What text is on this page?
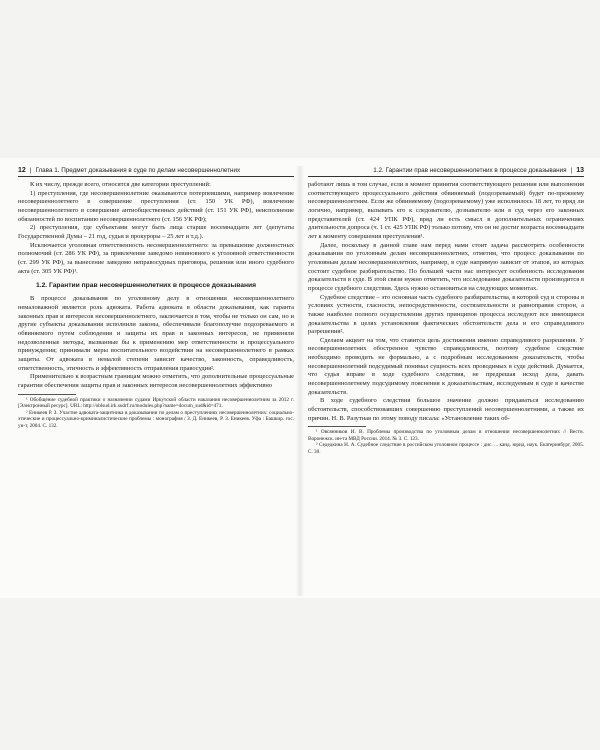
12 | Глава 1. Предмет доказывания в суде по делам несовершеннолетних

К их числу, прежде всего, относятся две категории преступлений:

1) преступления, где несовершеннолетние оказываются потерпевшими, например вовлечение несовершеннолетнего в совершение преступления (ст. 150 УК РФ), вовлечение несовершеннолетнего в совершение антиобщественных действий (ст. 151 УК РФ), неисполнение обязанностей по воспитанию несовершеннолетнего (ст. 156 УК РФ);

2) преступления, где субъектами могут быть лица старше восемнадцати лет (депутаты Государственной Думы – 21 год, судьи и прокуроры – 25 лет и т.д.).

Исключается уголовная ответственность несовершеннолетнего: за превышение должностных полномочий (ст. 286 УК РФ), за привлечение заведомо невиновного к уголовной ответственности (ст. 299 УК РФ), за вынесение заведомо неправосудных приговора, решения или иного судебного акта (ст. 305 УК РФ)¹.

1.2. Гарантии прав несовершеннолетних в процессе доказывания

В процессе доказывания по уголовному делу в отношении несовершеннолетнего немаловажной является роль адвоката. Работа адвоката в области доказывания, как гаранта законных прав и интересов несовершеннолетнего, заключается в том, чтобы не только он сам, но и другие субъекты доказывания исполнили законы, обеспечивали благополучие подозреваемого и обвиняемого путем соблюдения и защиты их прав и законных интересов, не применяли недозволенные методы, вызванные бы к применению мер ответственности и процессуального принуждения; принимали меры воспитательного воздействия на несовершеннолетнего в рамках защиты. От адвоката в немалой степени зависит качество, законность, справедливость, ответственность, этичность и эффективность отправления правосудия².

Применительно к возрастным границам можно отметить, что дополнительные процессуальные гарантии обеспечения защиты прав и законных интересов несовершеннолетних эффективно

¹ Обобщение судебной практики о назначении судами Иркутской области наказания несовершеннолетним за 2012 г. [Электронный ресурс]. URL: http://oblsud.irk.sudrf.ru/modules.php?name=docum_sud&id=471.
² Еникеев Р. З. Участие адвоката-защитника в доказывании по делам о преступлениях несовершеннолетних: социально-этические и процессуально-криминалистические проблемы : монография / З. Д. Еникеев, Р. З. Еникеев. Уфа : Башкир. гос. ун-т, 2004. С. 132.
1.2. Гарантии прав несовершеннолетних в процессе доказывания | 13

работают лишь в том случае, если в момент принятия соответствующего решения или выполнения соответствующего процессуального действия обвиняемый (подозреваемый) будет по-прежнему несовершеннолетним. Если же обвиняемому (подозреваемому) уже исполнилось 18 лет, то вряд ли логично, например, вызывать его к следователю, дознавателю или в суд через его законных представителей (ст. 424 УПК РФ), вряд ли есть смысл в дополнительных ограничениях длительности допроса (ч. 1 ст. 425 УПК РФ) только потому, что он не достиг возраста восемнадцати лет к моменту совершения преступления¹.

Далее, поскольку в данной главе нам перед нами стоит задача рассмотреть особенности доказывания по уголовным делам несовершеннолетних, отметим, что процесс доказывания по уголовным делам несовершеннолетних, например, в суде напрямую зависит от этапов, из которых состоит судебное разбирательство. По большей части нас интересует особенность исследования доказательств в суде. В этой связи нужно отметить, что исследование доказательств производится в процессе судебного следствия. Здесь нужно остановиться на следующих моментах.

Судебное следствие – это основная часть судебного разбирательства, в которой суд и стороны в условиях устности, гласности, непосредственности, состязательности и равноправия сторон, а также наиболее полного осуществления других принципов процесса исследуют все имеющиеся доказательства в целях установления фактических обстоятельств дела и его справедливого разрешения².

Сделаем акцент на том, что ставится цель достижения именно справедливого разрешения. У несовершеннолетних обостренное чувство справедливости, поэтому судебное следствие необходимо проводить не формально, а с подробным исследованием доказательств, чтобы несовершеннолетний подсудимый понимал сущность всех проводимых в суде действий. Думается, что судья вправе в ходе судебного следствия, не предрешая исход дела, давать несовершеннолетнему подсудимому пояснения к доказательствам, исследуемым в суде в качестве доказательств.

В ходе судебного следствия большое значение должно придаваться исследованию обстоятельств, способствовавших совершению преступлений несовершеннолетними, а также их причин. Н. В. Разутная по этому поводу писала: «Установление таких об-

¹ Овсянников И. В. Проблемы производства по уголовным делам в отношении несовершеннолетних // Вестн. Воронежск. ин-та МВД России. 2014. № 3. С. 123.
² Седедкина Н. А. Судебное следствие в российском уголовном процессе : дис. ... канд. юрид. наук. Екатеринбург, 2005. С. 30.
